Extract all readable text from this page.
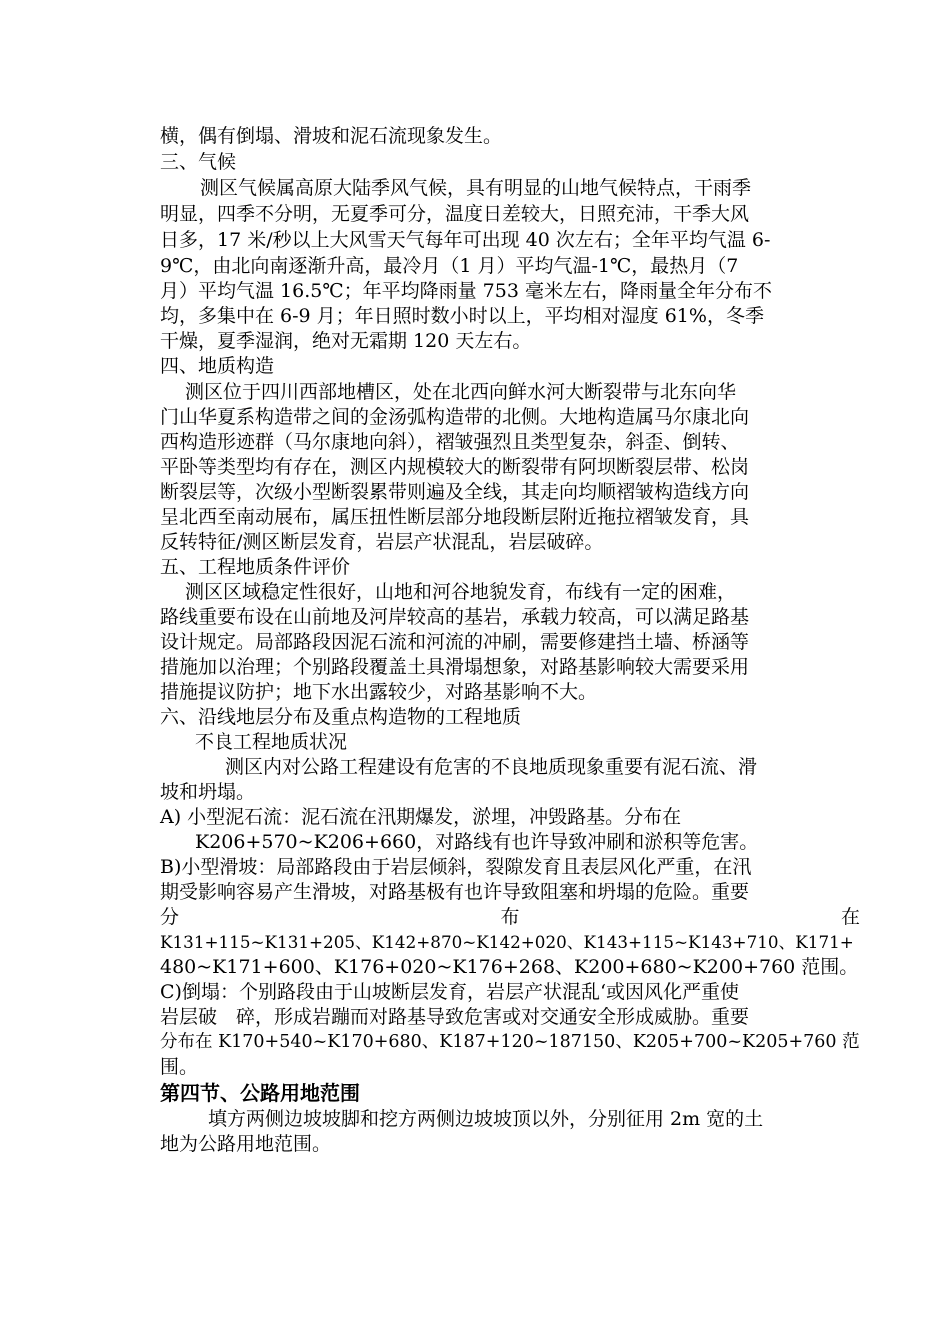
横，偶有倒塌、滑坡和泥石流现象发生。
三、气候
测区气候属高原大陆季风气候，具有明显的山地气候特点，干雨季
明显，四季不分明，无夏季可分，温度日差较大，日照充沛，干季大风
日多，17 米/秒以上大风雪天气每年可出现 40 次左右；全年平均气温 6-
9℃，由北向南逐渐升高，最冷月（1 月）平均气温-1℃，最热月（7
月）平均气温 16.5℃；年平均降雨量 753 毫米左右，降雨量全年分布不
均，多集中在 6-9 月；年日照时数小时以上，平均相对湿度 61%，冬季
干燥，夏季湿润，绝对无霜期 120 天左右。
四、地质构造
测区位于四川西部地槽区，处在北西向鲜水河大断裂带与北东向华
门山华夏系构造带之间的金汤弧构造带的北侧。大地构造属马尔康北向
西构造形迹群（马尔康地向斜），褶皱强烈且类型复杂，斜歪、倒转、
平卧等类型均有存在，测区内规模较大的断裂带有阿坝断裂层带、松岗
断裂层等，次级小型断裂累带则遍及全线，其走向均顺褶皱构造线方向
呈北西至南动展布，属压扭性断层部分地段断层附近拖拉褶皱发育，具
反转特征/测区断层发育，岩层产状混乱，岩层破碎。
五、工程地质条件评价
测区区域稳定性很好，山地和河谷地貌发育，布线有一定的困难，
路线重要布设在山前地及河岸较高的基岩，承载力较高，可以满足路基
设计规定。局部路段因泥石流和河流的冲刷，需要修建挡土墙、桥涵等
措施加以治理；个别路段覆盖土具滑塌想象，对路基影响较大需要采用
措施提议防护；地下水出露较少，对路基影响不大。
六、沿线地层分布及重点构造物的工程地质
不良工程地质状况
测区内对公路工程建设有危害的不良地质现象重要有泥石流、滑
坡和坍塌。
A) 小型泥石流：泥石流在汛期爆发，淤埋，冲毁路基。分布在
K206+570~K206+660，对路线有也许导致冲刷和淤积等危害。
B)小型滑坡：局部路段由于岩层倾斜，裂隙发育且表层风化严重，在汛
期受影响容易产生滑坡，对路基极有也许导致阻塞和坍塌的危险。重要
分	布	在
K131+115~K131+205、K142+870~K142+020、K143+115~K143+710、K171+
480~K171+600、K176+020~K176+268、K200+680~K200+760 范围。
C)倒塌：个别路段由于山坡断层发育，岩层产状混乱‘或因风化严重使
岩层破　碎，形成岩蹦而对路基导致危害或对交通安全形成威胁。重要
分布在 K170+540~K170+680、K187+120~187150、K205+700~K205+760 范
围。
第四节、公路用地范围
填方两侧边坡坡脚和挖方两侧边坡坡顶以外，分别征用 2m 宽的土
地为公路用地范围。
